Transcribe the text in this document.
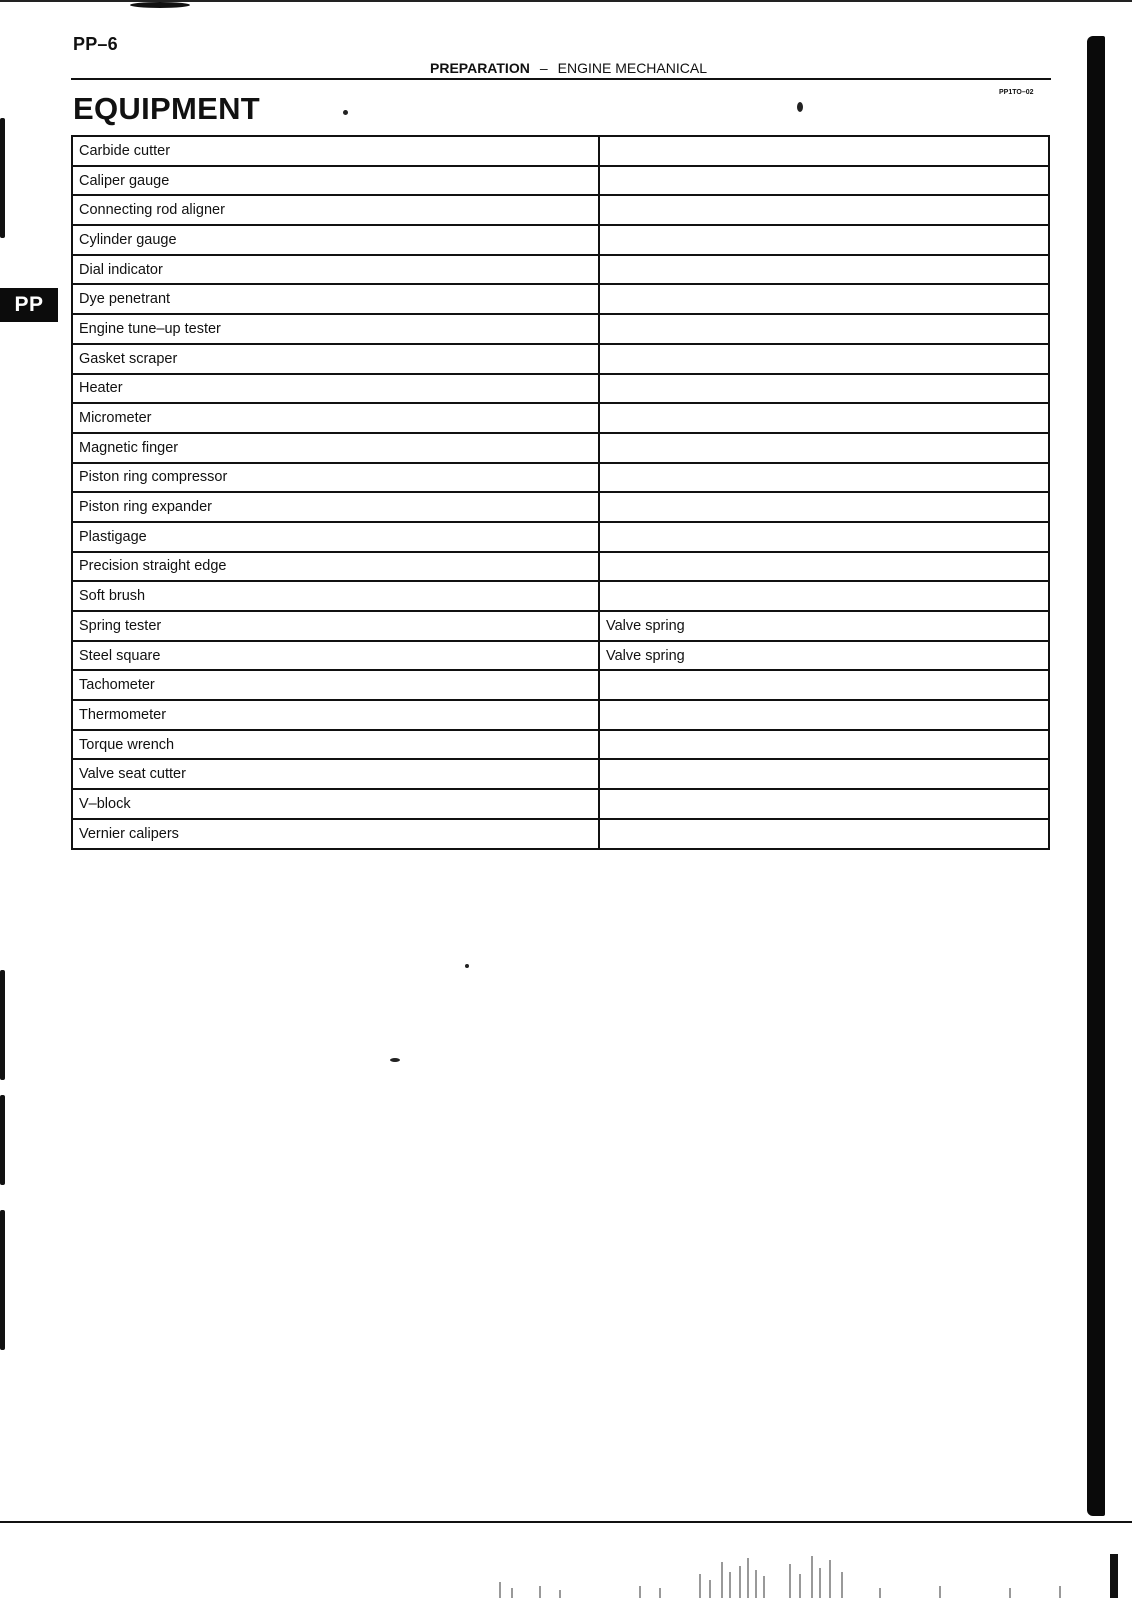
PP–6
PREPARATION – ENGINE MECHANICAL
PP1TO–02
EQUIPMENT
PP
Carbide cutter	
Caliper gauge	
Connecting rod aligner	
Cylinder gauge	
Dial indicator	
Dye penetrant	
Engine tune–up tester	
Gasket scraper	
Heater	
Micrometer	
Magnetic finger	
Piston ring compressor	
Piston ring expander	
Plastigage	
Precision straight edge	
Soft brush	
Spring tester	Valve spring
Steel square	Valve spring
Tachometer	
Thermometer	
Torque wrench	
Valve seat cutter	
V–block	
Vernier calipers	
